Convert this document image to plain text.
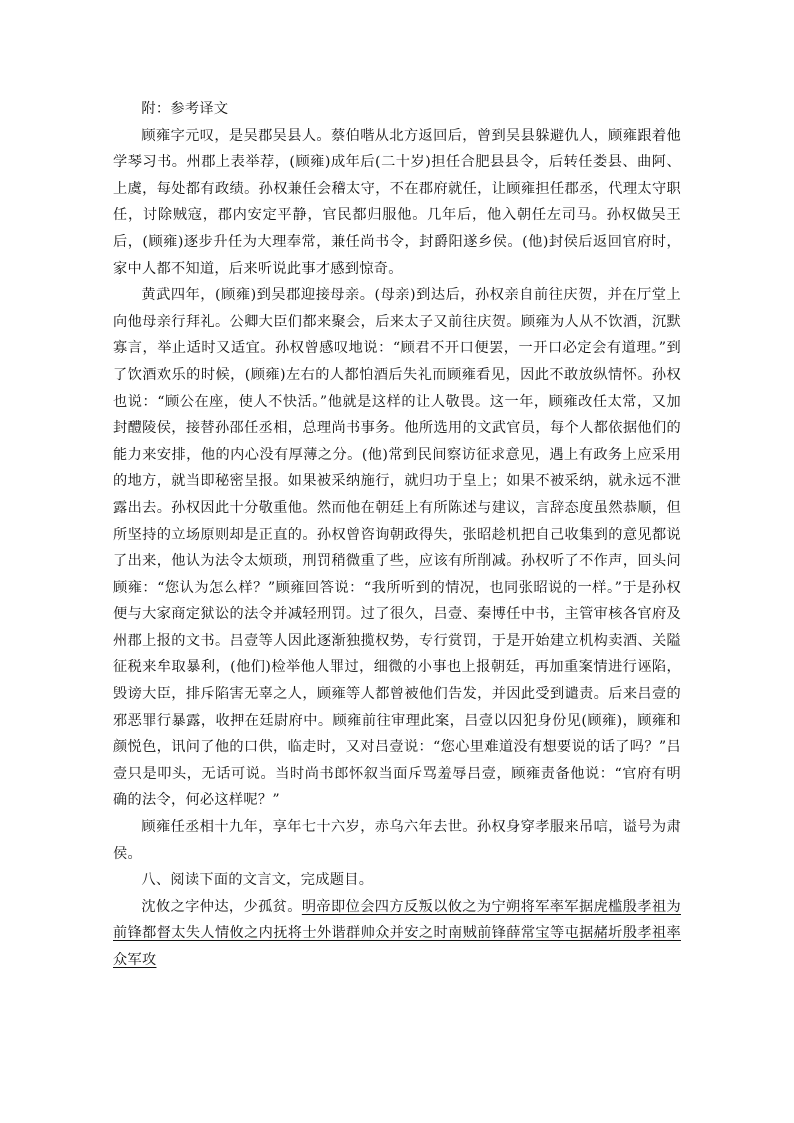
附：参考译文

顾雍字元叹，是吴郡吴县人。蔡伯喈从北方返回后，曾到吴县躲避仇人，顾雍跟着他学琴习书。州郡上表举荐，(顾雍)成年后(二十岁)担任合肥县县令，后转任娄县、曲阿、上虞，每处都有政绩。孙权兼任会稽太守，不在郡府就任，让顾雍担任郡丞，代理太守职任，讨除贼寇，郡内安定平静，官民都归服他。几年后，他入朝任左司马。孙权做吴王后，(顾雍)逐步升任为大理奉常，兼任尚书令，封爵阳遂乡侯。(他)封侯后返回官府时，家中人都不知道，后来听说此事才感到惊奇。

黄武四年，(顾雍)到吴郡迎接母亲。(母亲)到达后，孙权亲自前往庆贺，并在厅堂上向他母亲行拜礼。公卿大臣们都来聚会，后来太子又前往庆贺。顾雍为人从不饮酒，沉默寡言，举止适时又适宜。孙权曾感叹地说：“顾君不开口便罢，一开口必定会有道理。”到了饮酒欢乐的时候，(顾雍)左右的人都怕酒后失礼而顾雍看见，因此不敢放纵情怀。孙权也说：“顾公在座，使人不快活。”他就是这样的让人敬畏。这一年，顾雍改任太常，又加封醴陵侯，接替孙邵任丞相，总理尚书事务。他所选用的文武官员，每个人都依据他们的能力来安排，他的内心没有厚薄之分。(他)常到民间察访征求意见，遇上有政务上应采用的地方，就当即秘密呈报。如果被采纳施行，就归功于皇上；如果不被采纳，就永远不泄露出去。孙权因此十分敬重他。然而他在朝廷上有所陈述与建议，言辞态度虽然恭顺，但所坚持的立场原则却是正直的。孙权曾咨询朝政得失，张昭趁机把自己收集到的意见都说了出来，他认为法令太烦琐，刑罚稍微重了些，应该有所削减。孙权听了不作声，回头问顾雍：“您认为怎么样？”顾雍回答说：“我所听到的情况，也同张昭说的一样。”于是孙权便与大家商定狱讼的法令并减轻刑罚。过了很久，吕壹、秦博任中书，主管审核各官府及州郡上报的文书。吕壹等人因此逐渐独揽权势，专行赏罚，于是开始建立机构卖酒、关隘征税来牟取暴利，(他们)检举他人罪过，细微的小事也上报朝廷，再加重案情进行诬陷，毁谤大臣，排斥陷害无辜之人，顾雍等人都曾被他们告发，并因此受到谴责。后来吕壹的邪恶罪行暴露，收押在廷尉府中。顾雍前往审理此案，吕壹以囚犯身份见(顾雍)，顾雍和颜悦色，讯问了他的口供，临走时，又对吕壹说：“您心里难道没有想要说的话了吗？”吕壹只是叩头，无话可说。当时尚书郎怀叙当面斥骂羞辱吕壹，顾雍责备他说：“官府有明确的法令，何必这样呢？”

顾雍任丞相十九年，享年七十六岁，赤乌六年去世。孙权身穿孝服来吊唁，谥号为肃侯。

八、阅读下面的文言文，完成题目。

沈攸之字仲达，少孤贫。明帝即位会四方反叛以攸之为宁朔将军率军据虎槛殷孝祖为前锋都督太失人情攸之内抚将士外谐群帅众并安之时南贼前锋薛常宝等屯据赭圻殷孝祖率众军攻
